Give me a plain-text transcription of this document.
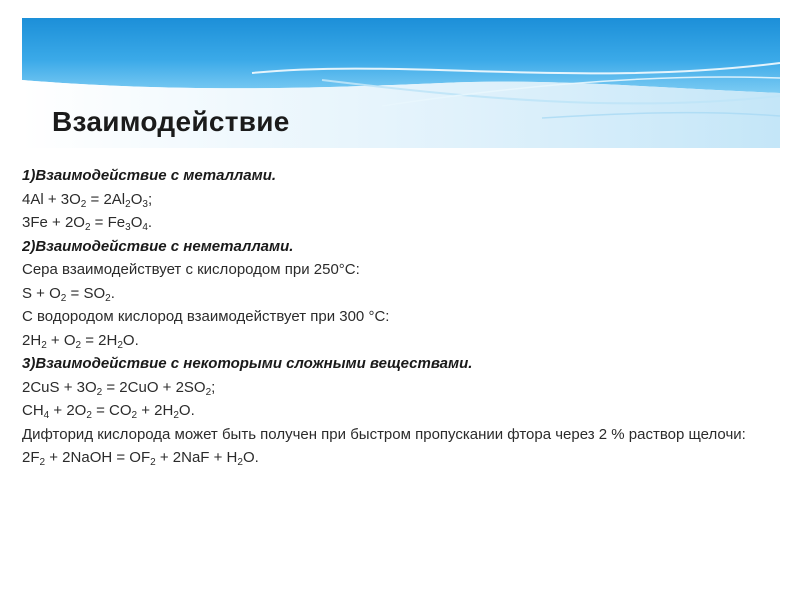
Взаимодействие
1)Взаимодействие с металлами.
$4Al + 3O_2 = 2Al_2O_3$;
$3Fe + 2O_2 = Fe_3O_4$.
2)Взаимодействие с неметаллами.
Сера взаимодействует с кислородом при 250°C:
$S + O_2 = SO_2$.
С водородом кислород взаимодействует при 300 °C:
$2H_2 + O_2 = 2H_2O$.
3)Взаимодействие с некоторыми сложными веществами.
$2CuS + 3O_2 = 2CuO + 2SO_2$;
$CH_4 + 2O_2 = CO_2 + 2H_2O$.
Дифторид кислорода может быть получен при быстром пропускании фтора через 2 % раствор щелочи:
$2F_2$ + 2NaOH = $OF_2 + 2NaF + H_2O$.
